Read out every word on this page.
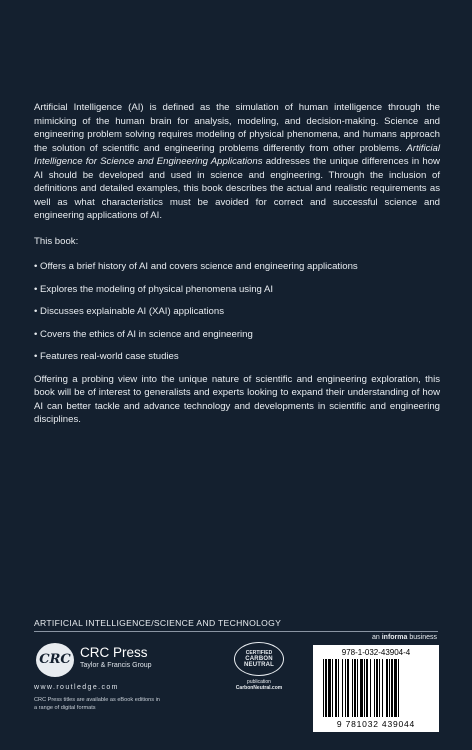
Artificial Intelligence (AI) is defined as the simulation of human intelligence through the mimicking of the human brain for analysis, modeling, and decision-making. Science and engineering problem solving requires modeling of physical phenomena, and humans approach the solution of scientific and engineering problems differently from other problems. Artificial Intelligence for Science and Engineering Applications addresses the unique differences in how AI should be developed and used in science and engineering. Through the inclusion of definitions and detailed examples, this book describes the actual and realistic requirements as well as what characteristics must be avoided for correct and successful science and engineering applications of AI.

This book:

• Offers a brief history of AI and covers science and engineering applications
• Explores the modeling of physical phenomena using AI
• Discusses explainable AI (XAI) applications
• Covers the ethics of AI in science and engineering
• Features real-world case studies

Offering a probing view into the unique nature of scientific and engineering exploration, this book will be of interest to generalists and experts looking to expand their understanding of how AI can better tackle and advance technology and developments in scientific and engineering disciplines.

ARTIFICIAL INTELLIGENCE/SCIENCE AND TECHNOLOGY
an informa business
CRC CRC Press
Taylor & Francis Group
www.routledge.com
CRC Press titles are available as eBook editions in a range of digital formats
CERTIFIED
CARBON NEUTRAL
publication
CarbonNeutral.com
978-1-032-43904-4
9 781032 439044
